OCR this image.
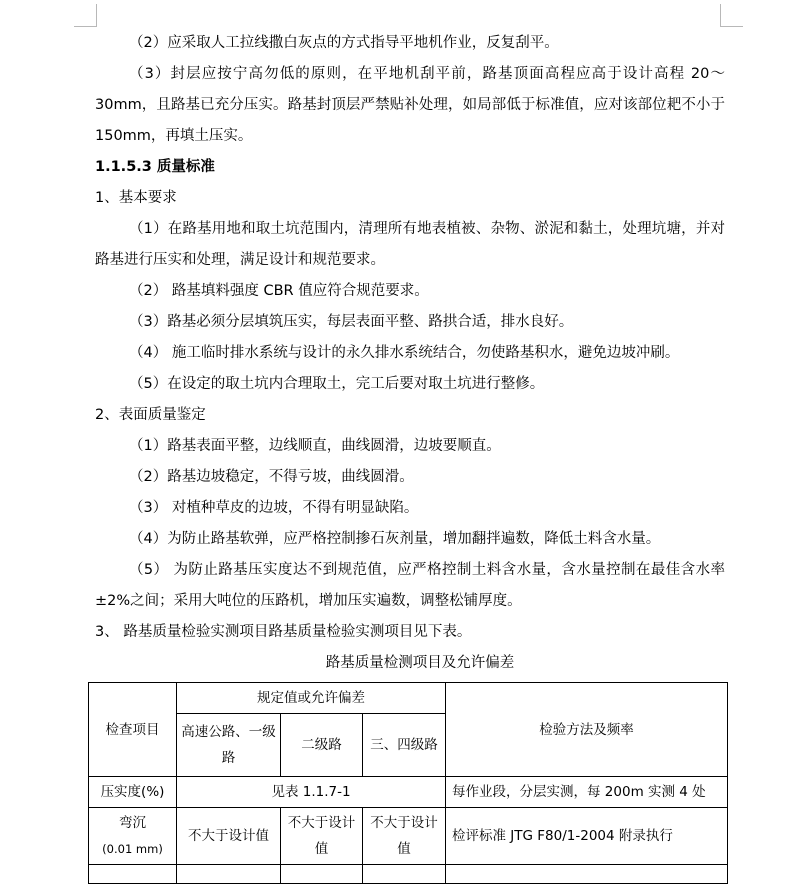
（2）应采取人工拉线撒白灰点的方式指导平地机作业，反复刮平。

（3）封层应按宁高勿低的原则，在平地机刮平前，路基顶面高程应高于设计高程 20～30mm，且路基已充分压实。路基封顶层严禁贴补处理，如局部低于标准值，应对该部位耙不小于 150mm，再填土压实。

1.1.5.3 质量标准

1、基本要求

（1）在路基用地和取土坑范围内，清理所有地表植被、杂物、淤泥和黏土，处理坑塘，并对路基进行压实和处理，满足设计和规范要求。

（2） 路基填料强度 CBR 值应符合规范要求。

（3）路基必须分层填筑压实，每层表面平整、路拱合适，排水良好。

（4） 施工临时排水系统与设计的永久排水系统结合，勿使路基积水，避免边坡冲刷。

（5）在设定的取土坑内合理取土，完工后要对取土坑进行整修。

2、表面质量鉴定

（1）路基表面平整，边线顺直，曲线圆滑，边坡要顺直。

（2）路基边坡稳定，不得亏坡，曲线圆滑。

（3） 对植种草皮的边坡，不得有明显缺陷。

（4）为防止路基软弹，应严格控制掺石灰剂量，增加翻拌遍数，降低土料含水量。

（5） 为防止路基压实度达不到规范值，应严格控制土料含水量，含水量控制在最佳含水率±2%之间；采用大吨位的压路机，增加压实遍数，调整松铺厚度。

3、 路基质量检验实测项目路基质量检验实测项目见下表。

路基质量检测项目及允许偏差
检查项目	规定值或允许偏差			检验方法及频率
	高速公路、一级路	二级路	三、四级路	
压实度(%)	见表 1.1.7-1			每作业段，分层实测，每 200m 实测 4 处

弯沉
(0.01 mm)	不大于设计值	不大于设计值	不大于设计值	检评标准 JTG F80/1-2004 附录执行
